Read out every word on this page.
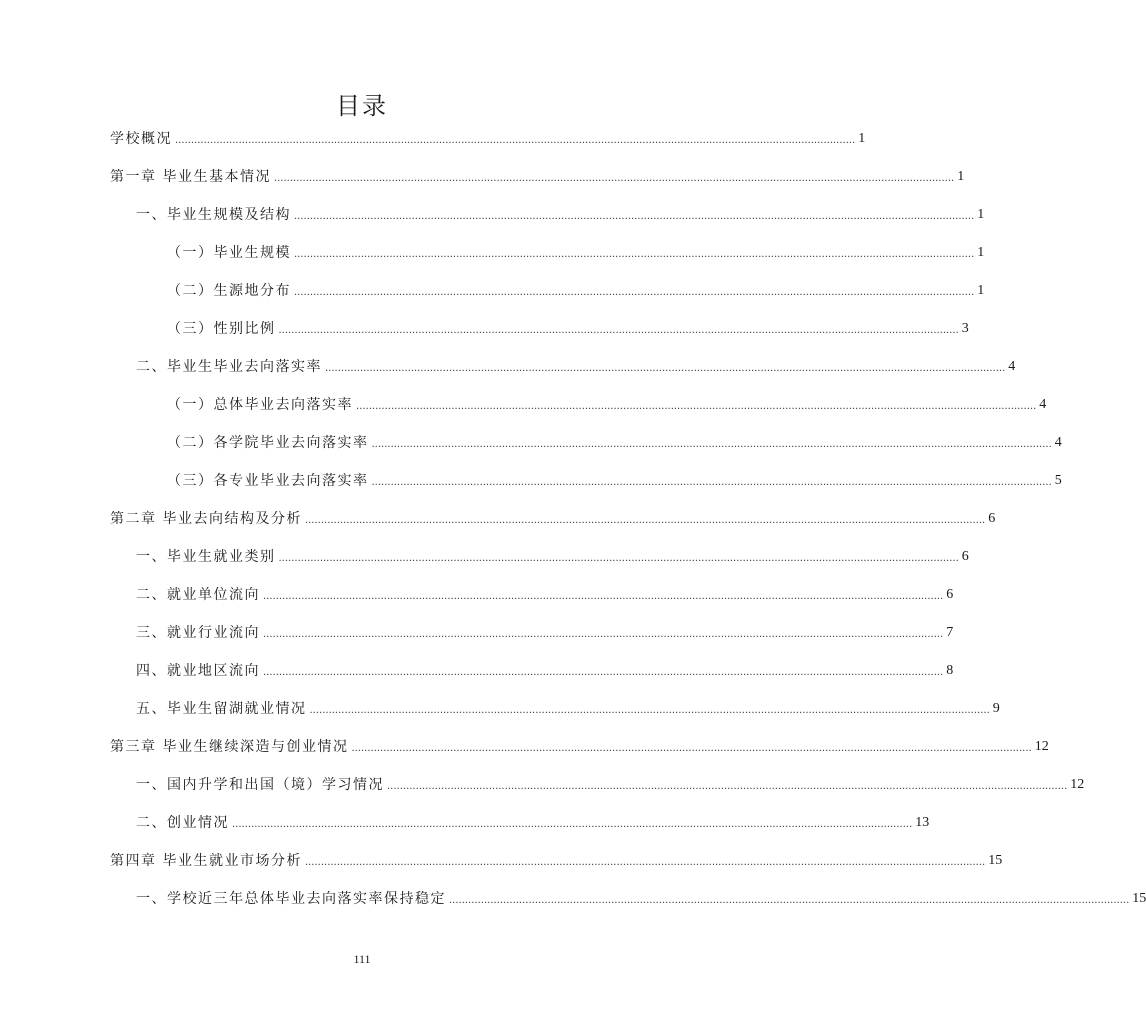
目录
学校概况 ...................................................................................................................................................................................................................... 1
第一章 毕业生基本情况 ...................................................................................................................................................................................................................... 1
一、毕业生规模及结构 ...................................................................................................................................................................................................................... 1
（一）毕业生规模 ...................................................................................................................................................................................................................... 1
（二）生源地分布 ...................................................................................................................................................................................................................... 1
（三）性别比例 ...................................................................................................................................................................................................................... 3
二、毕业生毕业去向落实率 ...................................................................................................................................................................................................................... 4
（一）总体毕业去向落实率 ...................................................................................................................................................................................................................... 4
（二）各学院毕业去向落实率 ...................................................................................................................................................................................................................... 4
（三）各专业毕业去向落实率 ...................................................................................................................................................................................................................... 5
第二章 毕业去向结构及分析 ...................................................................................................................................................................................................................... 6
一、毕业生就业类别 ...................................................................................................................................................................................................................... 6
二、就业单位流向 ...................................................................................................................................................................................................................... 6
三、就业行业流向 ...................................................................................................................................................................................................................... 7
四、就业地区流向 ...................................................................................................................................................................................................................... 8
五、毕业生留湖就业情况 ...................................................................................................................................................................................................................... 9
第三章 毕业生继续深造与创业情况 ...................................................................................................................................................................................................................... 12
一、国内升学和出国（境）学习情况 ...................................................................................................................................................................................................................... 12
二、创业情况 ...................................................................................................................................................................................................................... 13
第四章 毕业生就业市场分析 ...................................................................................................................................................................................................................... 15
一、学校近三年总体毕业去向落实率保持稳定 ...................................................................................................................................................................................................................... 15

111
